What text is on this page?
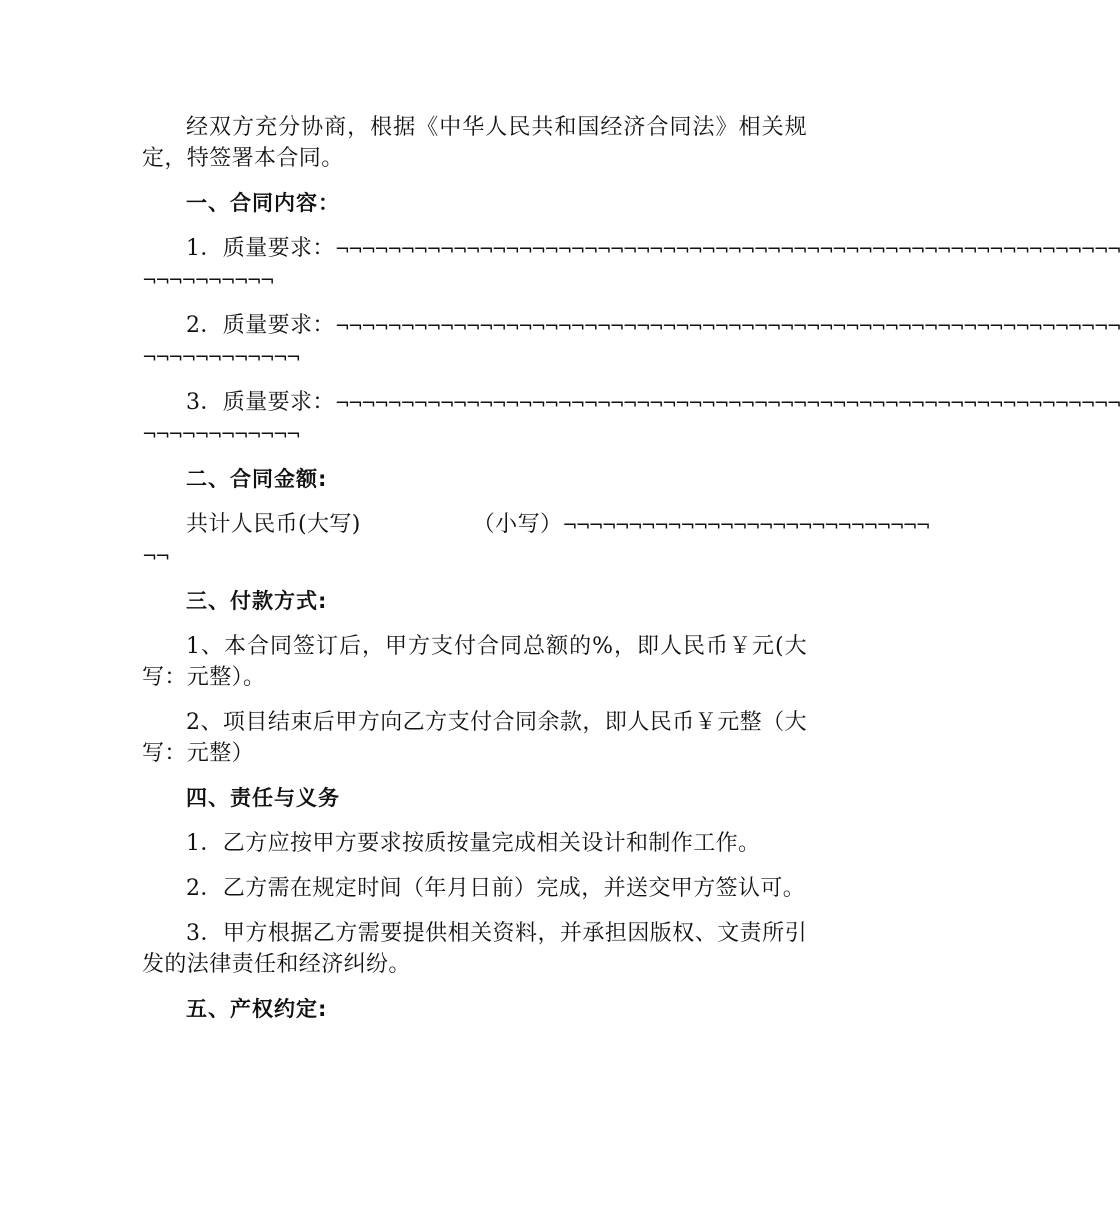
经双方充分协商，根据《中华人民共和国经济合同法》相关规定，特签署本合同。

一、合同内容：

1．质量要求：¬¬¬¬¬¬¬¬¬¬¬¬¬¬¬¬¬¬¬¬¬¬¬¬¬¬¬¬¬¬¬¬¬¬¬¬¬¬¬¬¬¬¬¬¬¬¬¬¬¬¬¬¬¬¬¬¬¬¬¬
¬¬¬¬¬¬¬¬¬¬
2．质量要求：¬¬¬¬¬¬¬¬¬¬¬¬¬¬¬¬¬¬¬¬¬¬¬¬¬¬¬¬¬¬¬¬¬¬¬¬¬¬¬¬¬¬¬¬¬¬¬¬¬¬¬¬¬¬¬¬¬¬¬¬
¬¬¬¬¬¬¬¬¬¬¬¬
3．质量要求：¬¬¬¬¬¬¬¬¬¬¬¬¬¬¬¬¬¬¬¬¬¬¬¬¬¬¬¬¬¬¬¬¬¬¬¬¬¬¬¬¬¬¬¬¬¬¬¬¬¬¬¬¬¬¬¬¬¬¬¬
¬¬¬¬¬¬¬¬¬¬¬¬

二、合同金额:

共计人民币(大写)	（小写）¬¬¬¬¬¬¬¬¬¬¬¬¬¬¬¬¬¬¬¬¬¬¬¬¬¬¬¬
¬¬

三、付款方式:

1、本合同签订后，甲方支付合同总额的%，即人民币￥元(大写：元整）。

2、项目结束后甲方向乙方支付合同余款，即人民币￥元整（大写：元整）

四、责任与义务

1．乙方应按甲方要求按质按量完成相关设计和制作工作。

2．乙方需在规定时间（年月日前）完成，并送交甲方签认可。

3．甲方根据乙方需要提供相关资料，并承担因版权、文责所引发的法律责任和经济纠纷。

五、产权约定:
